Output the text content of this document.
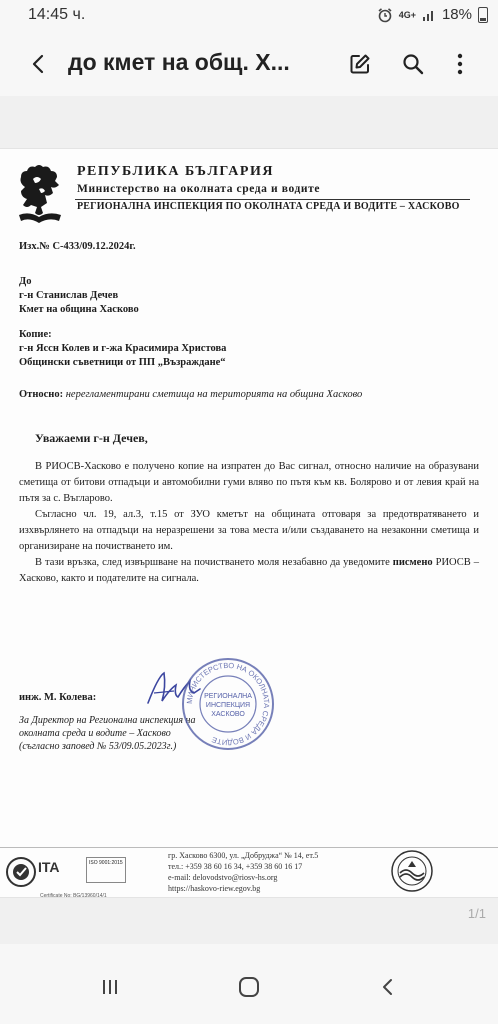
14:45 ч.	4G+ 18%
до кмет на общ. Х...
РЕПУБЛИКА БЪЛГАРИЯ
Министерство на околната среда и водите
РЕГИОНАЛНА ИНСПЕКЦИЯ ПО ОКОЛНАТА СРЕДА И ВОДИТЕ – ХАСКОВО
Изх.№ С-433/09.12.2024г.
До
г-н Станислав Дечев
Кмет на община Хасково
Копие:
г-н Яссн Колев и г-жа Красимира Христова
Общински съветници от ПП „Възраждане“
Относно: нерегламентирани сметища на територията на община Хасково
Уважаеми г-н Дечев,
В РИОСВ-Хасково е получено копие на изпратен до Вас сигнал, относно наличие на образувани сметища от битови отпадъци и автомобилни гуми вляво по пътя към кв. Болярово и от левия край на пътя за с. Въгларово.
Съгласно чл. 19, ал.3, т.15 от ЗУО кметът на общината отговаря за предотвратяването и изхвърлянето на отпадъци на неразрешени за това места и/или създаването на незаконни сметища и организиране на почистването им.
В тази връзка, след извършване на почистването моля незабавно да уведомите писмено РИОСВ – Хасково, както и подателите на сигнала.
инж. М. Колева:
За Директор на Регионална инспекция на
околната среда и водите – Хасково
(съгласно заповед № 53/09.05.2023г.)
МИНИСТЕРСТВО НА ОКОЛНАТА СРЕДА И ВОДИТЕ
РЕГИОНАЛНА
ИНСПЕКЦИЯ
ХАСКОВО
ITA	ISO 9001:2015
Certificate No: BG/13960/14/1
гр. Хасково 6300, ул. „Добруджа“ № 14, ет.5
тел.: +359 38 60 16 34, +359 38 60 16 17
e-mail: delovodstvo@riosv-hs.org
https://haskovo-riew.egov.bg
1/1
